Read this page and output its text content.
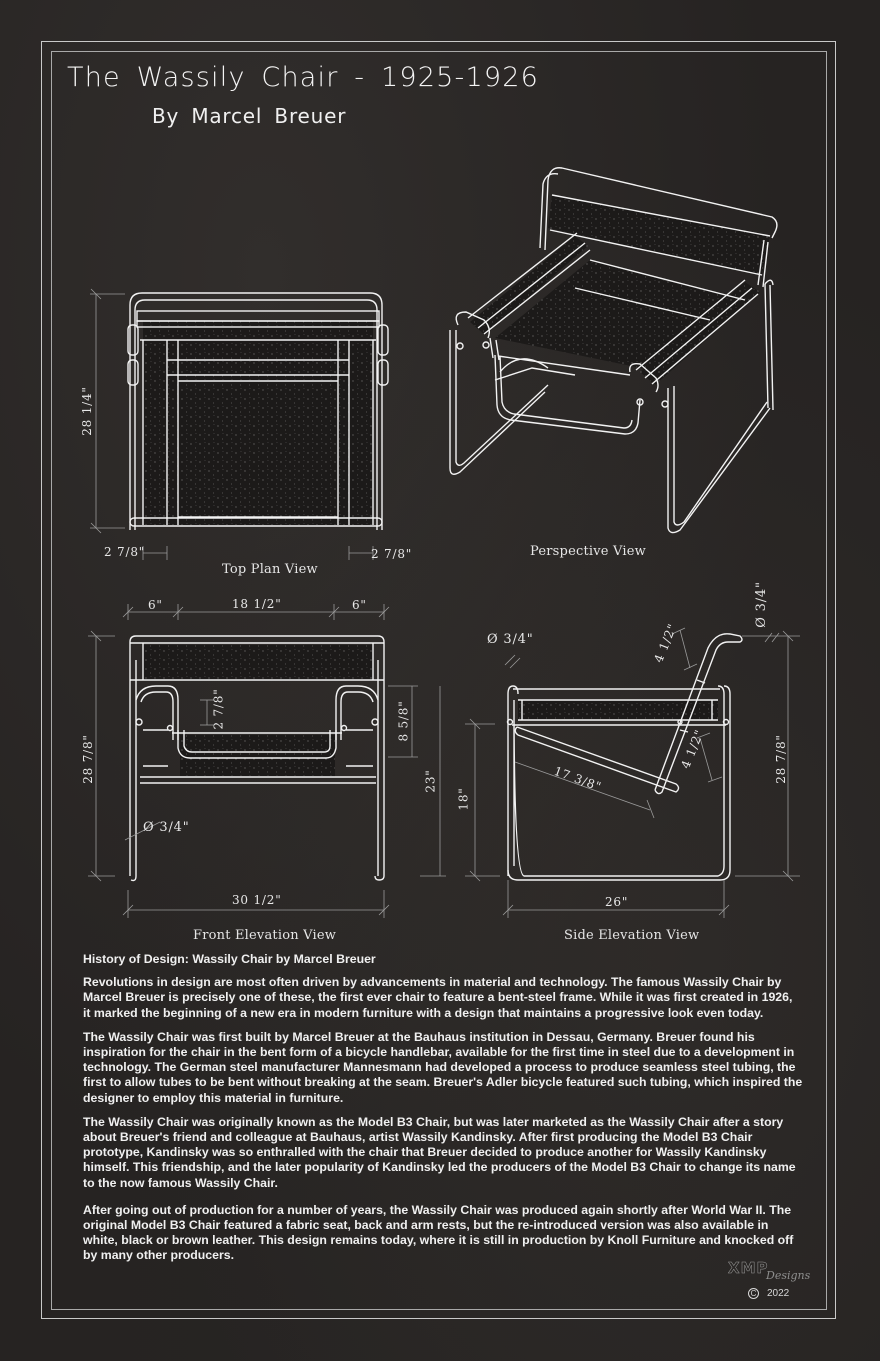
The Wassily Chair - 1925-1926
By Marcel Breuer
Top Plan View
Perspective View
Front Elevation View	Side Elevation View
28 1/4"
2 7/8"	2 7/8"
6"	18 1/2"	6"
28 7/8"
2 7/8"	8 5/8"
23"
Ø 3/4"
30 1/2"
Ø 3/4"
Ø 3/4"
4 1/2"
4 1/2"
17 3/8"
18"
28 7/8"
26"
History of Design: Wassily Chair by Marcel Breuer

Revolutions in design are most often driven by advancements in material and technology. The famous Wassily Chair by Marcel Breuer is precisely one of these, the first ever chair to feature a bent-steel frame. While it was first created in 1926, it marked the beginning of a new era in modern furniture with a design that maintains a progressive look even today.

The Wassily Chair was first built by Marcel Breuer at the Bauhaus institution in Dessau, Germany. Breuer found his inspiration for the chair in the bent form of a bicycle handlebar, available for the first time in steel due to a development in technology. The German steel manufacturer Mannesmann had developed a process to produce seamless steel tubing, the first to allow tubes to be bent without breaking at the seam. Breuer's Adler bicycle featured such tubing, which inspired the designer to employ this material in furniture.

The Wassily Chair was originally known as the Model B3 Chair, but was later marketed as the Wassily Chair after a story about Breuer's friend and colleague at Bauhaus, artist Wassily Kandinsky. After first producing the Model B3 Chair prototype, Kandinsky was so enthralled with the chair that Breuer decided to produce another for Wassily Kandinsky himself. This friendship, and the later popularity of Kandinsky led the producers of the Model B3 Chair to change its name to the now famous Wassily Chair.

After going out of production for a number of years, the Wassily Chair was produced again shortly after World War II. The original Model B3 Chair featured a fabric seat, back and arm rests, but the re-introduced version was also available in white, black or brown leather. This design remains today, where it is still in production by Knoll Furniture and knocked off by many other producers.

XMP
Designs
C 2022
